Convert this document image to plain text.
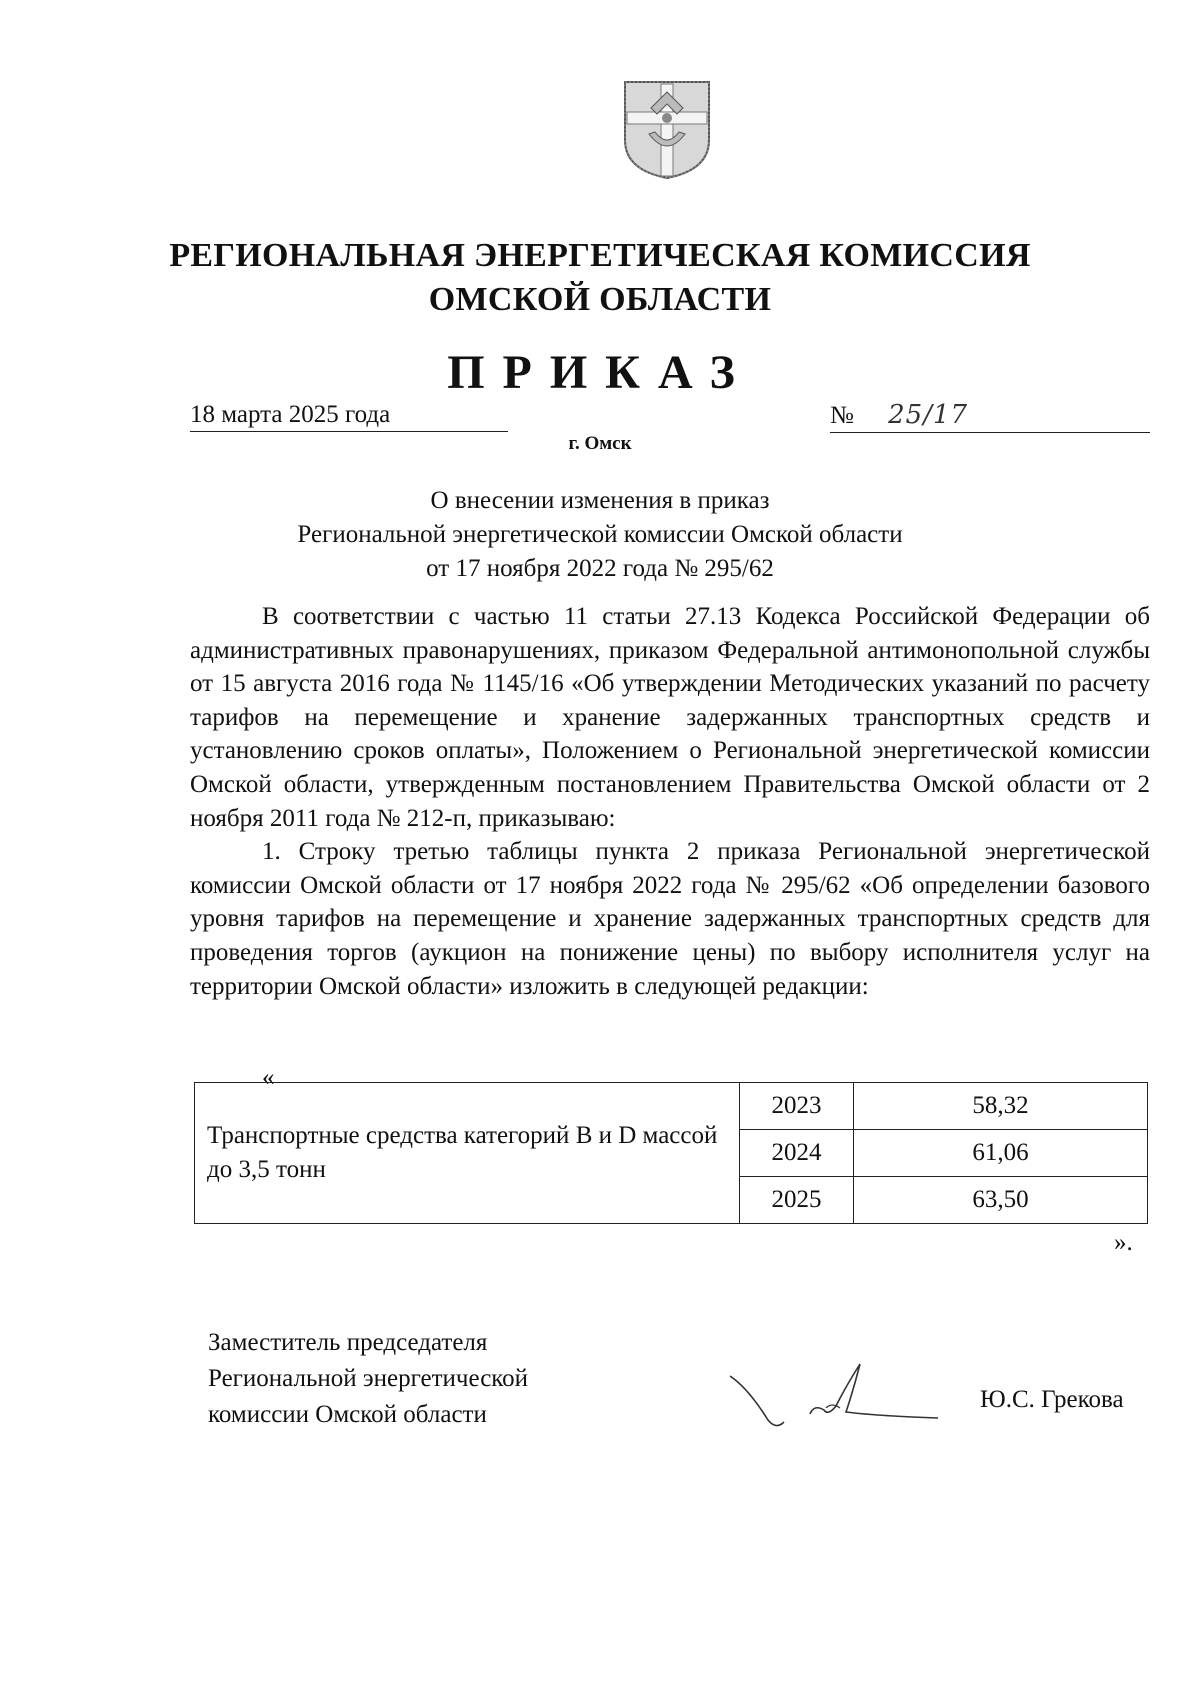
РЕГИОНАЛЬНАЯ ЭНЕРГЕТИЧЕСКАЯ КОМИССИЯ
ОМСКОЙ ОБЛАСТИ
ПРИКАЗ
18 марта 2025 года	№ 25/17
г. Омск
О внесении изменения в приказ
Региональной энергетической комиссии Омской области
от 17 ноября 2022 года № 295/62

В соответствии с частью 11 статьи 27.13 Кодекса Российской Федерации об административных правонарушениях, приказом Федеральной антимонопольной службы от 15 августа 2016 года № 1145/16 «Об утверждении Методических указаний по расчету тарифов на перемещение и хранение задержанных транспортных средств и установлению сроков оплаты», Положением о Региональной энергетической комиссии Омской области, утвержденным постановлением Правительства Омской области от 2 ноября 2011 года № 212-п, приказываю:

1. Строку третью таблицы пункта 2 приказа Региональной энергетической комиссии Омской области от 17 ноября 2022 года № 295/62 «Об определении базового уровня тарифов на перемещение и хранение задержанных транспортных средств для проведения торгов (аукцион на понижение цены) по выбору исполнителя услуг на территории Омской области» изложить в следующей редакции:

«
Транспортные средства категорий B и D массой до 3,5 тонн	2023	58,32
	2024	61,06
	2025	63,50
».
Заместитель председателя
Региональной энергетической
комиссии Омской области
Ю.С. Грекова
